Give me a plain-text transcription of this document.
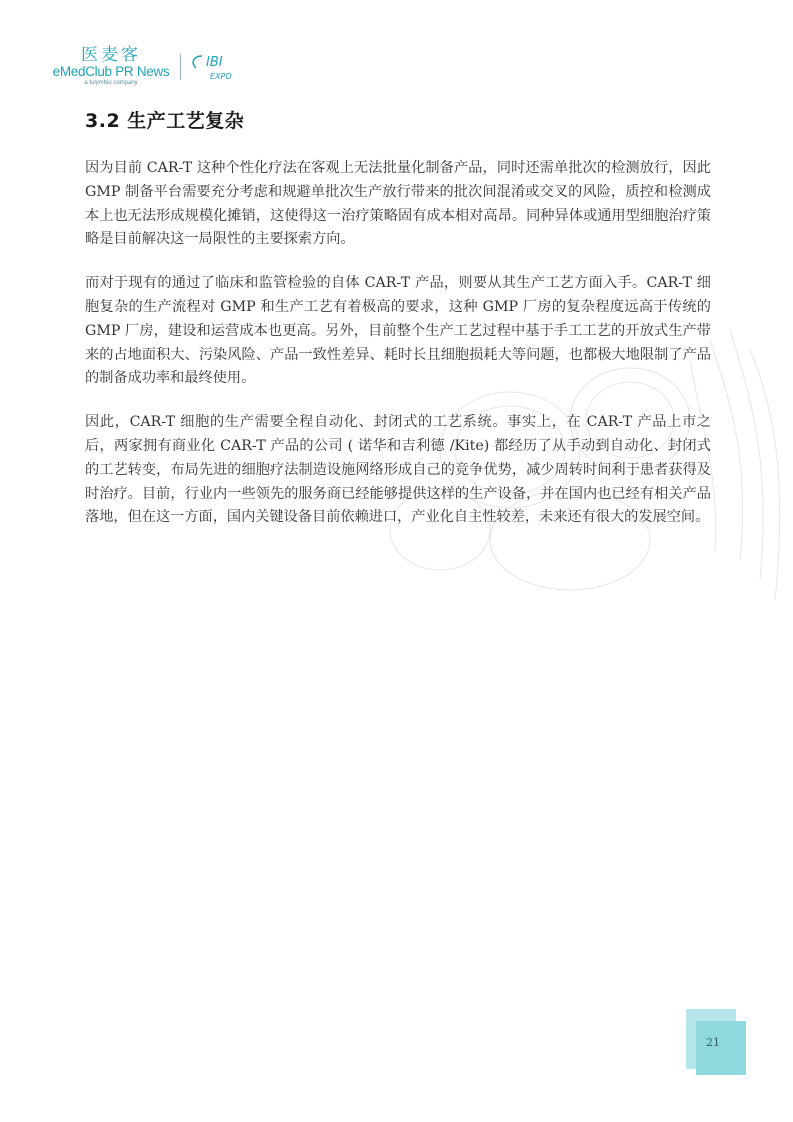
医麦客
eMedClub PR News
a tulymbio company
IBI
EXPO
3.2 生产工艺复杂

因为目前 CAR-T 这种个性化疗法在客观上无法批量化制备产品，同时还需单批次的检测放行，因此 GMP 制备平台需要充分考虑和规避单批次生产放行带来的批次间混淆或交叉的风险，质控和检测成本上也无法形成规模化摊销，这使得这一治疗策略固有成本相对高昂。同种异体或通用型细胞治疗策略是目前解决这一局限性的主要探索方向。

而对于现有的通过了临床和监管检验的自体 CAR-T 产品，则要从其生产工艺方面入手。CAR-T 细胞复杂的生产流程对 GMP 和生产工艺有着极高的要求，这种 GMP 厂房的复杂程度远高于传统的 GMP 厂房，建设和运营成本也更高。另外，目前整个生产工艺过程中基于手工工艺的开放式生产带来的占地面积大、污染风险、产品一致性差异、耗时长且细胞损耗大等问题，也都极大地限制了产品的制备成功率和最终使用。

因此，CAR-T 细胞的生产需要全程自动化、封闭式的工艺系统。事实上，在 CAR-T 产品上市之后，两家拥有商业化 CAR-T 产品的公司 ( 诺华和吉利德 /Kite) 都经历了从手动到自动化、封闭式的工艺转变，布局先进的细胞疗法制造设施网络形成自己的竞争优势，减少周转时间利于患者获得及时治疗。目前，行业内一些领先的服务商已经能够提供这样的生产设备，并在国内也已经有相关产品落地，但在这一方面，国内关键设备目前依赖进口，产业化自主性较差，未来还有很大的发展空间。

21
